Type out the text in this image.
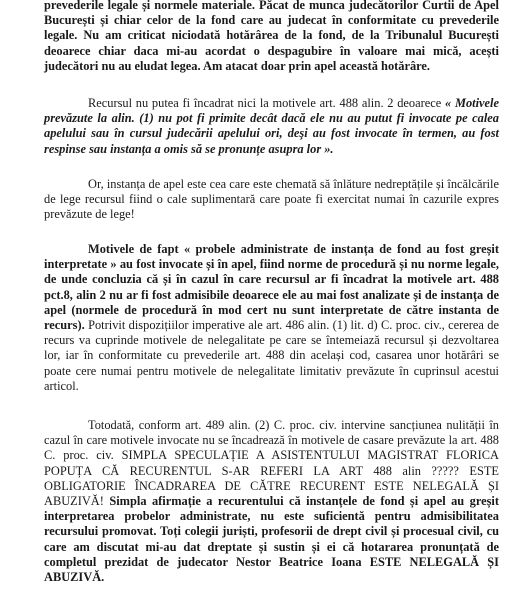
prevederile legale și normele materiale. Păcat de munca judecătorilor Curtii de Apel București și chiar celor de la fond care au judecat în conformitate cu prevederile legale. Nu am criticat niciodată hotărârea de la fond, de la Tribunalul București deoarece chiar daca mi-au acordat o despagubire în valoare mai mică, acești judecători nu au eludat legea. Am atacat doar prin apel această hotărâre.

Recursul nu putea fi încadrat nici la motivele art. 488 alin. 2 deoarece « Motivele prevăzute la alin. (1) nu pot fi primite decât dacă ele nu au putut fi invocate pe calea apelului sau în cursul judecării apelului ori, deşi au fost invocate în termen, au fost respinse sau instanța a omis să se pronunțe asupra lor ».

Or, instanța de apel este cea care este chemată să înlăture nedreptățile și încălcările de lege recursul fiind o cale suplimentară care poate fi exercitat numai în cazurile expres prevăzute de lege!

Motivele de fapt « probele administrate de instanța de fond au fost greșit interpretate » au fost invocate și în apel, fiind norme de procedură și nu norme legale, de unde concluzia că și în cazul în care recursul ar fi încadrat la motivele art. 488 pct.8, alin 2 nu ar fi fost admisibile deoarece ele au mai fost analizate și de instanța de apel (normele de procedură în mod cert nu sunt interpretate de către instanta de recurs). Potrivit dispozițiilor imperative ale art. 486 alin. (1) lit. d) C. proc. civ., cererea de recurs va cuprinde motivele de nelegalitate pe care se întemeiază recursul și dezvoltarea lor, iar în conformitate cu prevederile art. 488 din același cod, casarea unor hotărâri se poate cere numai pentru motivele de nelegalitate limitativ prevăzute în cuprinsul acestui articol.

Totodată, conform art. 489 alin. (2) C. proc. civ. intervine sancțiunea nulității în cazul în care motivele invocate nu se încadrează în motivele de casare prevăzute la art. 488 C. proc. civ. SIMPLA SPECULAȚIE A ASISTENTULUI MAGISTRAT FLORICA POPUȚA CĂ RECURENTUL S-AR REFERI LA ART 488 alin ????? ESTE OBLIGATORIE ÎNCADRAREA DE CĂTRE RECURENT ESTE NELEGALĂ ȘI ABUZIVĂ! Simpla afirmație a recurentului că instanțele de fond și apel au greșit interpretarea probelor administrate, nu este suficientă pentru admisibilitatea recursului promovat. Toți colegii juriști, profesorii de drept civil și procesual civil, cu care am discutat mi-au dat dreptate și sustin și ei că hotararea pronunțată de completul prezidat de judecator Nestor Beatrice Ioana ESTE NELEGALĂ ȘI ABUZIVĂ.
